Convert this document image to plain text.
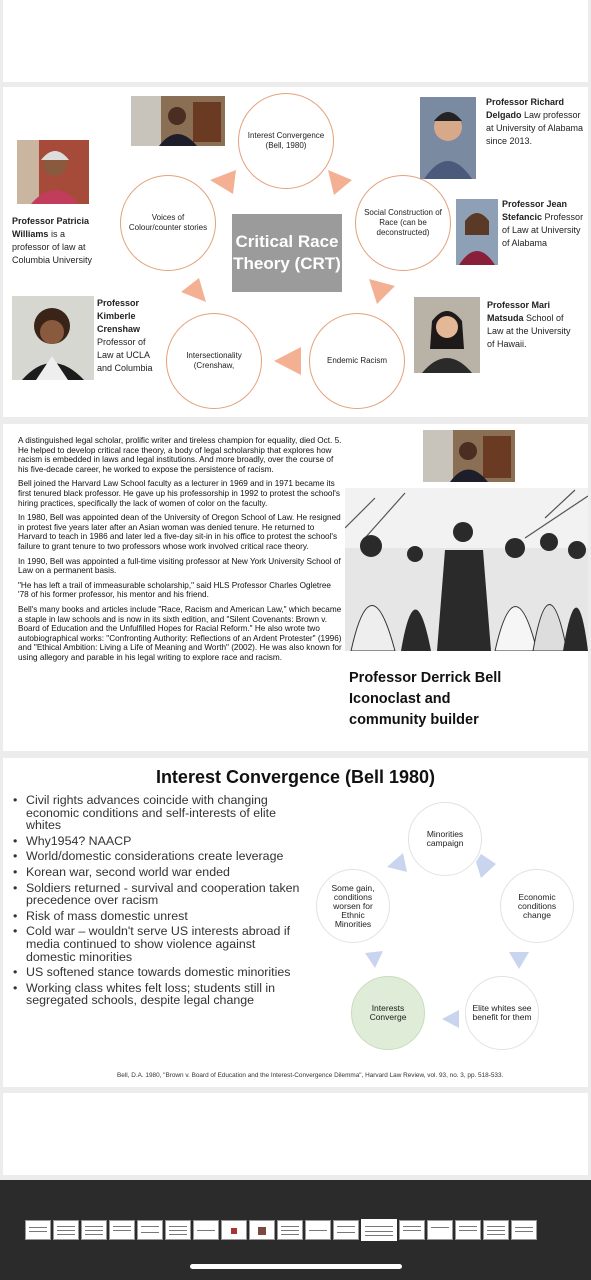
Critical Race Theory (CRT)
Interest Convergence (Bell, 1980)
Social Construction of Race (can be deconstructed)
Endemic Racism
Intersectionality (Crenshaw,
Voices of Colour/counter stories
Professor Richard Delgado Law professor at University of Alabama since 2013.
Professor Jean Stefancic Professor of Law at University of Alabama
Professor Mari Matsuda School of Law at the University of Hawaii.
Professor Patricia Williams is a professor of law at Columbia University
Professor Kimberle Crenshaw Professor of Law at UCLA and Columbia

A distinguished legal scholar, prolific writer and tireless champion for equality, died Oct. 5. He helped to develop critical race theory, a body of legal scholarship that explores how racism is embedded in laws and legal institutions. And more broadly, over the course of his five-decade career, he worked to expose the persistence of racism.

Bell joined the Harvard Law School faculty as a lecturer in 1969 and in 1971 became its first tenured black professor. He gave up his professorship in 1992 to protest the school's hiring practices, specifically the lack of women of color on the faculty.

In 1980, Bell was appointed dean of the University of Oregon School of Law. He resigned in protest five years later after an Asian woman was denied tenure. He returned to Harvard to teach in 1986 and later led a five-day sit-in in his office to protest the school's failure to grant tenure to two professors whose work involved critical race theory.

In 1990, Bell was appointed a full-time visiting professor at New York University School of Law on a permanent basis.

"He has left a trail of immeasurable scholarship," said HLS Professor Charles Ogletree '78 of his former professor, his mentor and his friend.

Bell's many books and articles include "Race, Racism and American Law," which became a staple in law schools and is now in its sixth edition, and "Silent Covenants: Brown v. Board of Education and the Unfulfilled Hopes for Racial Reform." He also wrote two autobiographical works: "Confronting Authority: Reflections of an Ardent Protester" (1996) and "Ethical Ambition: Living a Life of Meaning and Worth" (2002). He was also known for using allegory and parable in his legal writing to explore race and racism.

Professor Derrick Bell
Iconoclast and
community builder
Interest Convergence (Bell 1980)
• Civil rights advances coincide with changing economic conditions and self-interests of elite whites
• Why1954? NAACP
• World/domestic considerations create leverage
• Korean war, second world war ended
• Soldiers returned - survival and cooperation taken precedence over racism
• Risk of mass domestic unrest
• Cold war – wouldn't serve US interests abroad if media continued to show violence against domestic minorities
• US softened stance towards domestic minorities
• Working class whites felt loss; students still in segregated schools, despite legal change
Minorities campaign
Economic conditions change
Elite whites see benefit for them
Interests Converge
Some gain, conditions worsen for Ethnic Minorities
Bell, D.A. 1980, "Brown v. Board of Education and the Interest-Convergence Dilemma", Harvard Law Review, vol. 93, no. 3, pp. 518-533.
